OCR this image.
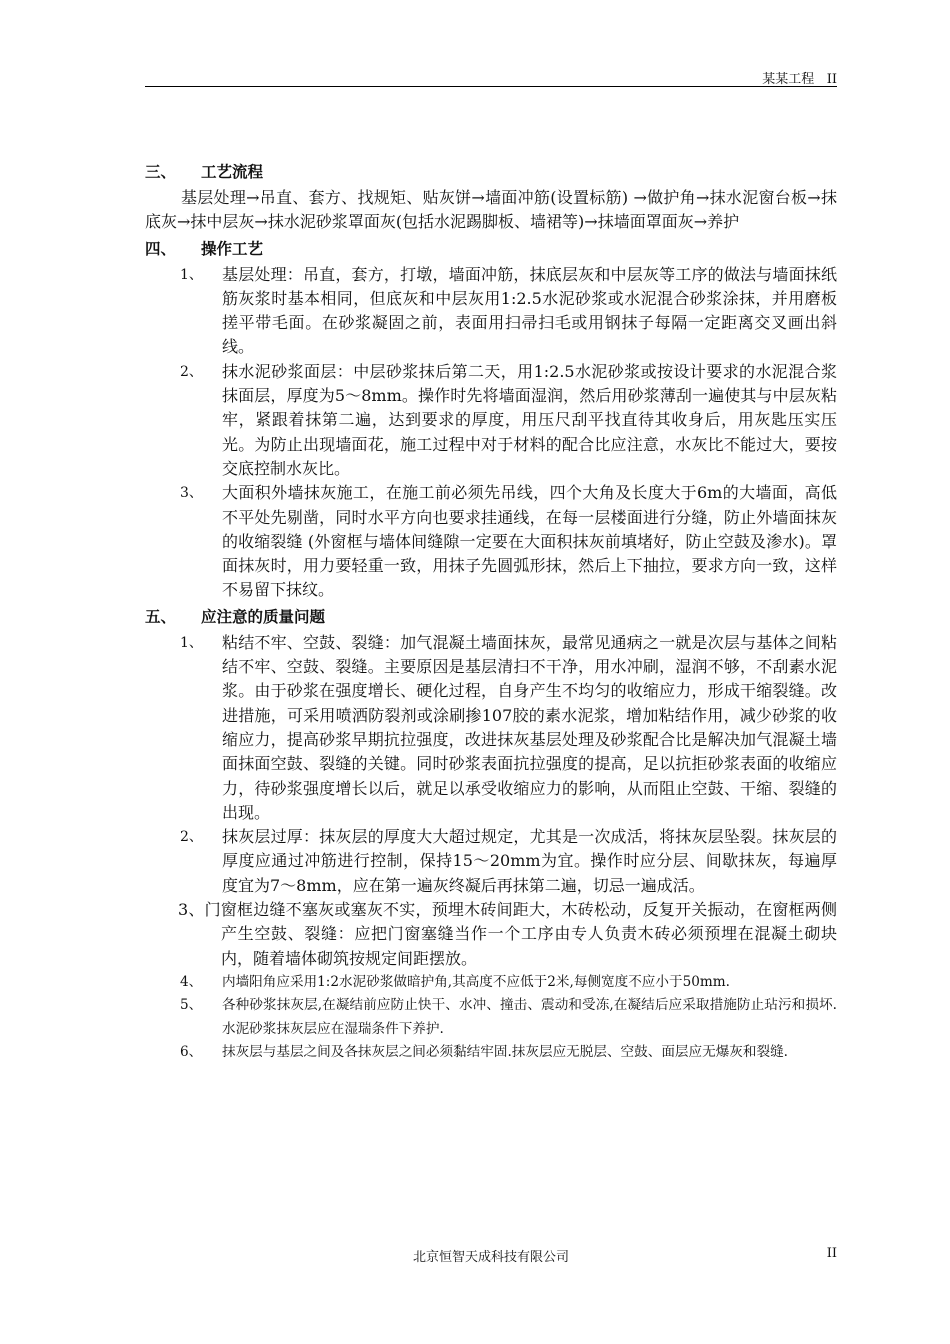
某某工程 II
三、 工艺流程
基层处理→吊直、套方、找规矩、贴灰饼→墙面冲筋(设置标筋) →做护角→抹水泥窗台板→抹底灰→抹中层灰→抹水泥砂浆罩面灰(包括水泥踢脚板、墙裙等)→抹墙面罩面灰→养护
四、 操作工艺
1、 基层处理：吊直，套方，打墩，墙面冲筋，抹底层灰和中层灰等工序的做法与墙面抹纸筋灰浆时基本相同，但底灰和中层灰用1:2.5水泥砂浆或水泥混合砂浆涂抹，并用磨板搓平带毛面。在砂浆凝固之前，表面用扫帚扫毛或用钢抹子每隔一定距离交叉画出斜线。
2、 抹水泥砂浆面层：中层砂浆抹后第二天，用1:2.5水泥砂浆或按设计要求的水泥混合浆抹面层，厚度为5～8mm。操作时先将墙面湿润，然后用砂浆薄刮一遍使其与中层灰粘牢，紧跟着抹第二遍，达到要求的厚度，用压尺刮平找直待其收身后，用灰匙压实压光。为防止出现墙面花，施工过程中对于材料的配合比应注意，水灰比不能过大，要按交底控制水灰比。
3、 大面积外墙抹灰施工，在施工前必须先吊线，四个大角及长度大于6m的大墙面，高低不平处先剔凿，同时水平方向也要求挂通线，在每一层楼面进行分缝，防止外墙面抹灰的收缩裂缝 (外窗框与墙体间缝隙一定要在大面积抹灰前填堵好，防止空鼓及渗水)。罩面抹灰时，用力要轻重一致，用抹子先圆弧形抹，然后上下抽拉，要求方向一致，这样不易留下抹纹。
五、 应注意的质量问题
1、 粘结不牢、空鼓、裂缝：加气混凝土墙面抹灰，最常见通病之一就是次层与基体之间粘结不牢、空鼓、裂缝。主要原因是基层清扫不干净，用水冲刷，湿润不够，不刮素水泥浆。由于砂浆在强度增长、硬化过程，自身产生不均匀的收缩应力，形成干缩裂缝。改进措施，可采用喷洒防裂剂或涂刷掺107胶的素水泥浆，增加粘结作用，减少砂浆的收缩应力，提高砂浆早期抗拉强度，改进抹灰基层处理及砂浆配合比是解决加气混凝土墙面抹面空鼓、裂缝的关键。同时砂浆表面抗拉强度的提高，足以抗拒砂浆表面的收缩应力，待砂浆强度增长以后，就足以承受收缩应力的影响，从而阻止空鼓、干缩、裂缝的出现。
2、 抹灰层过厚：抹灰层的厚度大大超过规定，尤其是一次成活，将抹灰层坠裂。抹灰层的厚度应通过冲筋进行控制，保持15～20mm为宜。操作时应分层、间歇抹灰，每遍厚度宜为7～8mm，应在第一遍灰终凝后再抹第二遍，切忌一遍成活。
3、门窗框边缝不塞灰或塞灰不实，预埋木砖间距大，木砖松动，反复开关振动，在窗框两侧产生空鼓、裂缝：应把门窗塞缝当作一个工序由专人负责木砖必须预埋在混凝土砌块内，随着墙体砌筑按规定间距摆放。
4、 内墙阳角应采用1:2水泥砂浆做暗护角,其高度不应低于2米,每侧宽度不应小于50mm.
5、 各种砂浆抹灰层,在凝结前应防止快干、水冲、撞击、震动和受冻,在凝结后应采取措施防止玷污和损坏.水泥砂浆抹灰层应在湿瑞条件下养护.
6、 抹灰层与基层之间及各抹灰层之间必须黏结牢固.抹灰层应无脱层、空鼓、面层应无爆灰和裂缝.
北京恒智天成科技有限公司	II
